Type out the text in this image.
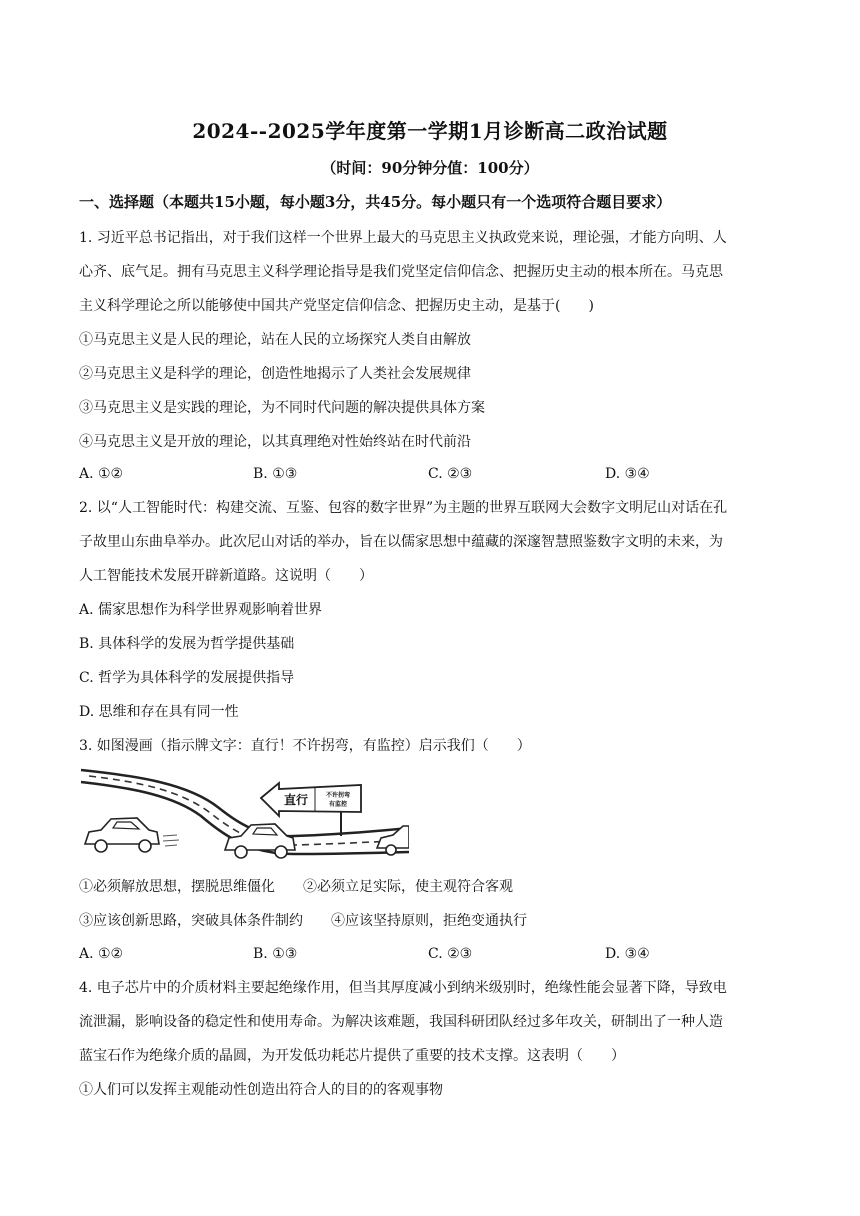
2024--2025学年度第一学期1月诊断高二政治试题
（时间：90分钟分值：100分）
一、选择题（本题共15小题，每小题3分，共45分。每小题只有一个选项符合题目要求）
1. 习近平总书记指出，对于我们这样一个世界上最大的马克思主义执政党来说，理论强，才能方向明、人
心齐、底气足。拥有马克思主义科学理论指导是我们党坚定信仰信念、把握历史主动的根本所在。马克思
主义科学理论之所以能够使中国共产党坚定信仰信念、把握历史主动，是基于(　　)
①马克思主义是人民的理论，站在人民的立场探究人类自由解放
②马克思主义是科学的理论，创造性地揭示了人类社会发展规律
③马克思主义是实践的理论，为不同时代问题的解决提供具体方案
④马克思主义是开放的理论，以其真理绝对性始终站在时代前沿
A. ①②	B. ①③	C. ②③	D. ③④
2. 以“人工智能时代：构建交流、互鉴、包容的数字世界”为主题的世界互联网大会数字文明尼山对话在孔
子故里山东曲阜举办。此次尼山对话的举办，旨在以儒家思想中蕴藏的深邃智慧照鉴数字文明的未来，为
人工智能技术发展开辟新道路。这说明（　　）
A. 儒家思想作为科学世界观影响着世界
B. 具体科学的发展为哲学提供基础
C. 哲学为具体科学的发展提供指导
D. 思维和存在具有同一性
3. 如图漫画（指示牌文字：直行！不许拐弯，有监控）启示我们（　　）
直行	不许拐弯
有监控
①必须解放思想，摆脱思维僵化　　②必须立足实际，使主观符合客观
③应该创新思路，突破具体条件制约　　④应该坚持原则，拒绝变通执行
A. ①②	B. ①③	C. ②③	D. ③④
4. 电子芯片中的介质材料主要起绝缘作用，但当其厚度减小到纳米级别时，绝缘性能会显著下降，导致电
流泄漏，影响设备的稳定性和使用寿命。为解决该难题，我国科研团队经过多年攻关，研制出了一种人造
蓝宝石作为绝缘介质的晶圆，为开发低功耗芯片提供了重要的技术支撑。这表明（　　）
①人们可以发挥主观能动性创造出符合人的目的的客观事物
